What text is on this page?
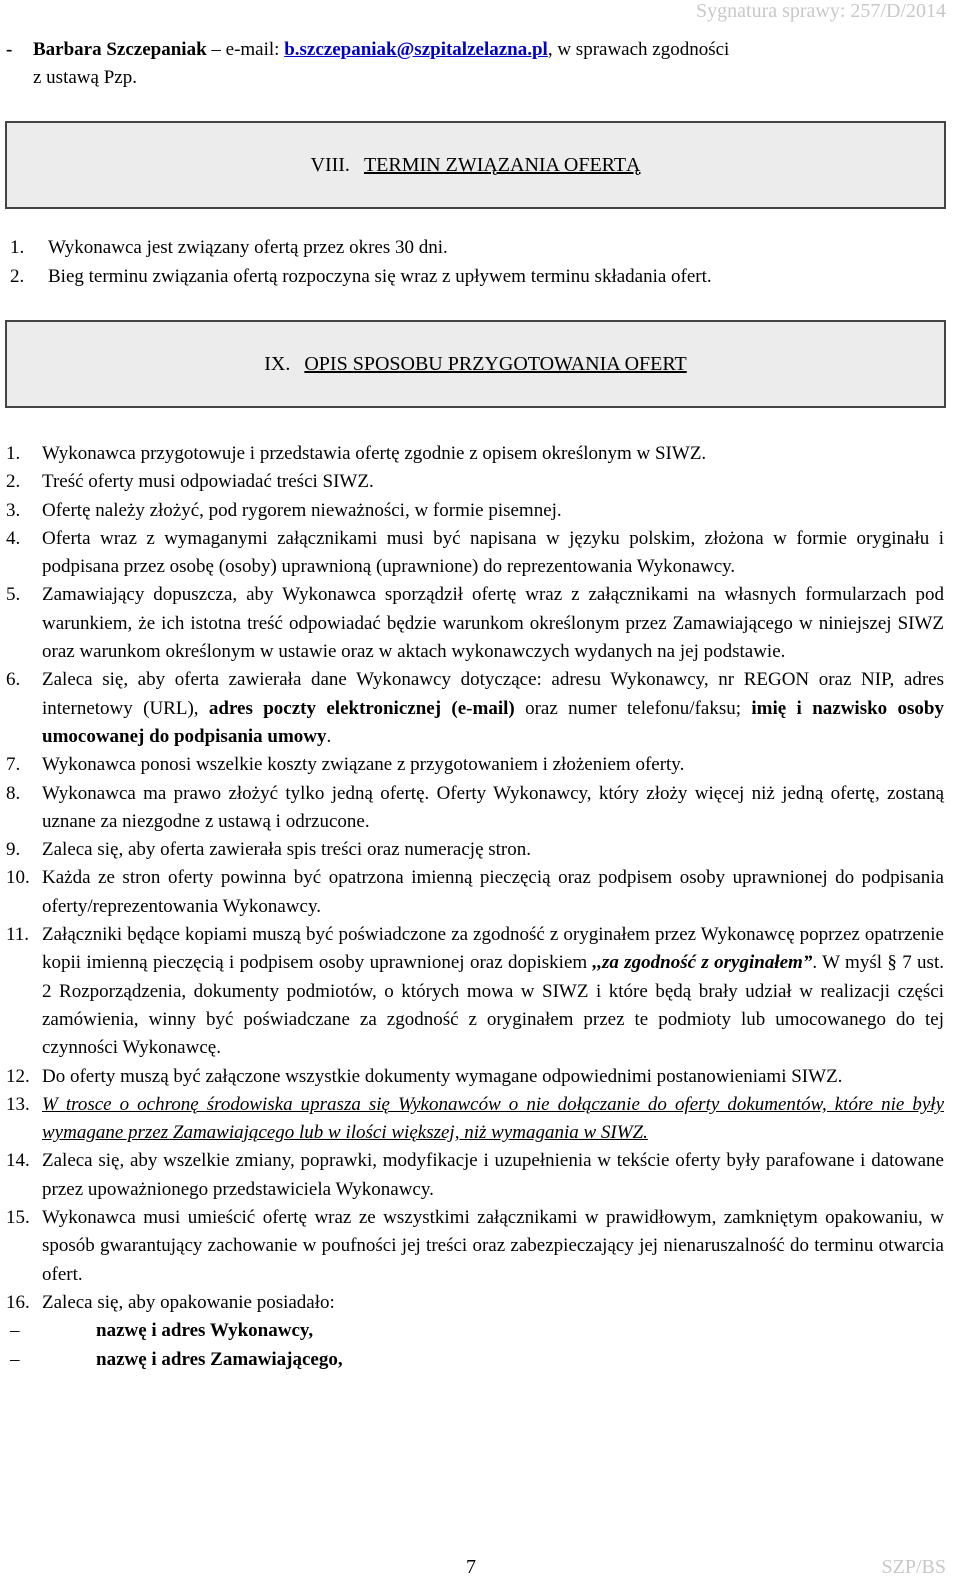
Sygnatura sprawy: 257/D/2014
- Barbara Szczepaniak – e-mail: b.szczepaniak@szpitalzelazna.pl, w sprawach zgodności
z ustawą Pzp.
VIII. TERMIN ZWIĄZANIA OFERTĄ
1. Wykonawca jest związany ofertą przez okres 30 dni.
2. Bieg terminu związania ofertą rozpoczyna się wraz z upływem terminu składania ofert.
IX. OPIS SPOSOBU PRZYGOTOWANIA OFERT
1.	Wykonawca przygotowuje i przedstawia ofertę zgodnie z opisem określonym w SIWZ.
2.	Treść oferty musi odpowiadać treści SIWZ.
3.	Ofertę należy złożyć, pod rygorem nieważności, w formie pisemnej.
4.	Oferta wraz z wymaganymi załącznikami musi być napisana w języku polskim, złożona w formie oryginału i podpisana przez osobę (osoby) uprawnioną (uprawnione) do reprezentowania Wykonawcy.
5.	Zamawiający dopuszcza, aby Wykonawca sporządził ofertę wraz z załącznikami na własnych formularzach pod warunkiem, że ich istotna treść odpowiadać będzie warunkom określonym przez Zamawiającego w niniejszej SIWZ oraz warunkom określonym w ustawie oraz w aktach wykonawczych wydanych na jej podstawie.
6.	Zaleca się, aby oferta zawierała dane Wykonawcy dotyczące: adresu Wykonawcy, nr REGON oraz NIP, adres internetowy (URL), adres poczty elektronicznej (e-mail) oraz numer telefonu/faksu; imię i nazwisko osoby umocowanej do podpisania umowy.
7.	Wykonawca ponosi wszelkie koszty związane z przygotowaniem i złożeniem oferty.
8.	Wykonawca ma prawo złożyć tylko jedną ofertę. Oferty Wykonawcy, który złoży więcej niż jedną ofertę, zostaną uznane za niezgodne z ustawą i odrzucone.
9.	Zaleca się, aby oferta zawierała spis treści oraz numerację stron.
10. Każda ze stron oferty powinna być opatrzona imienną pieczęcią oraz podpisem osoby uprawnionej do podpisania oferty/reprezentowania Wykonawcy.
11. Załączniki będące kopiami muszą być poświadczone za zgodność z oryginałem przez Wykonawcę poprzez opatrzenie kopii imienną pieczęcią i podpisem osoby uprawnionej oraz dopiskiem ,,za zgodność z oryginałem”. W myśl § 7 ust. 2 Rozporządzenia, dokumenty podmiotów, o których mowa w SIWZ i które będą brały udział w realizacji części zamówienia, winny być poświadczane za zgodność z oryginałem przez te podmioty lub umocowanego do tej czynności Wykonawcę.
12. Do oferty muszą być załączone wszystkie dokumenty wymagane odpowiednimi postanowieniami SIWZ.
13. W trosce o ochronę środowiska uprasza się Wykonawców o nie dołączanie do oferty dokumentów, które nie były wymagane przez Zamawiającego lub w ilości większej, niż wymagania w SIWZ.
14. Zaleca się, aby wszelkie zmiany, poprawki, modyfikacje i uzupełnienia w tekście oferty były parafowane i datowane przez upoważnionego przedstawiciela Wykonawcy.
15. Wykonawca musi umieścić ofertę wraz ze wszystkimi załącznikami w prawidłowym, zamkniętym opakowaniu, w sposób gwarantujący zachowanie w poufności jej treści oraz zabezpieczający jej nienaruszalność do terminu otwarcia ofert.
16. Zaleca się, aby opakowanie posiadało:
–	nazwę i adres Wykonawcy,
–	nazwę i adres Zamawiającego,
7	SZP/BS
